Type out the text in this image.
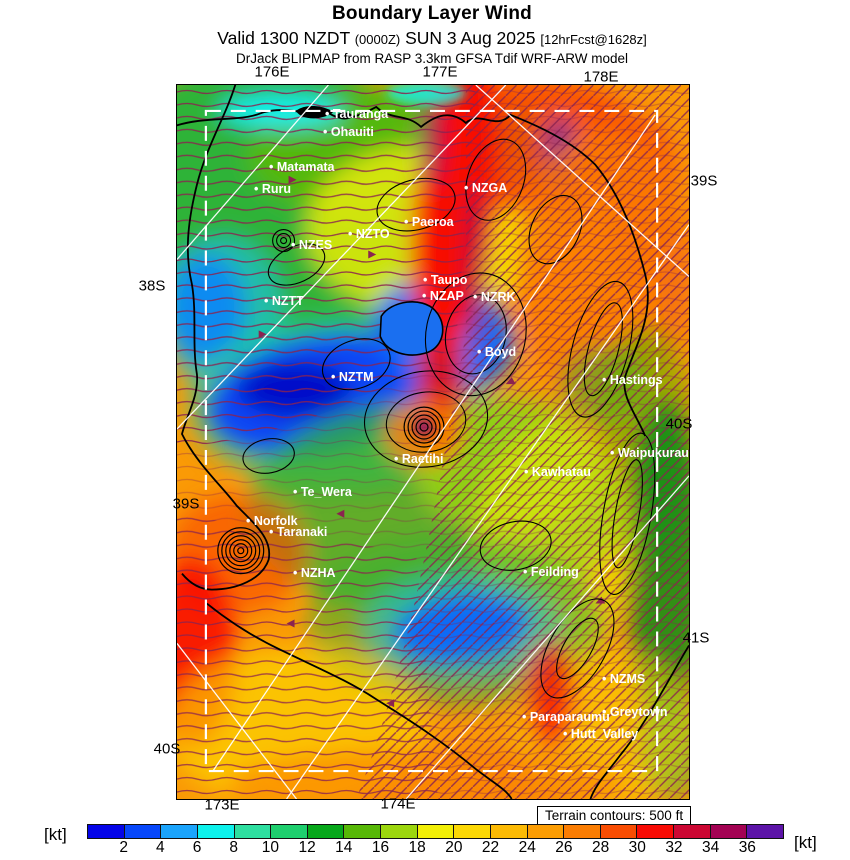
Boundary Layer Wind
Valid 1300 NZDT (0000Z) SUN 3 Aug 2025 [12hrFcst@1628z]
DrJack BLIPMAP from RASP 3.3km GFSA Tdif WRF-ARW model
• Tauranga
• Ohauiti
• Matamata
• Ruru	• NZGA
• Paeroa
• NZTO
• NZES
• Taupo
• NZAP • NZRK
• NZTT
• Boyd
• NZTM	• Hastings
• Raetihi	• Waipukurau
• Kawhatau
• Te_Wera
• Norfolk
• Taranaki
• NZHA	• Feilding
• NZMS
• Paraparaumu
• Greytown
• Hutt_Valley
176E	177E	178E
173E	174E
38S
39S
40S
39S
40S
41S
Terrain contours: 500 ft
[kt]
2 4 6 8 10 12 14 16 18 20 22 24 26 28 30 32 34 36 [kt]
